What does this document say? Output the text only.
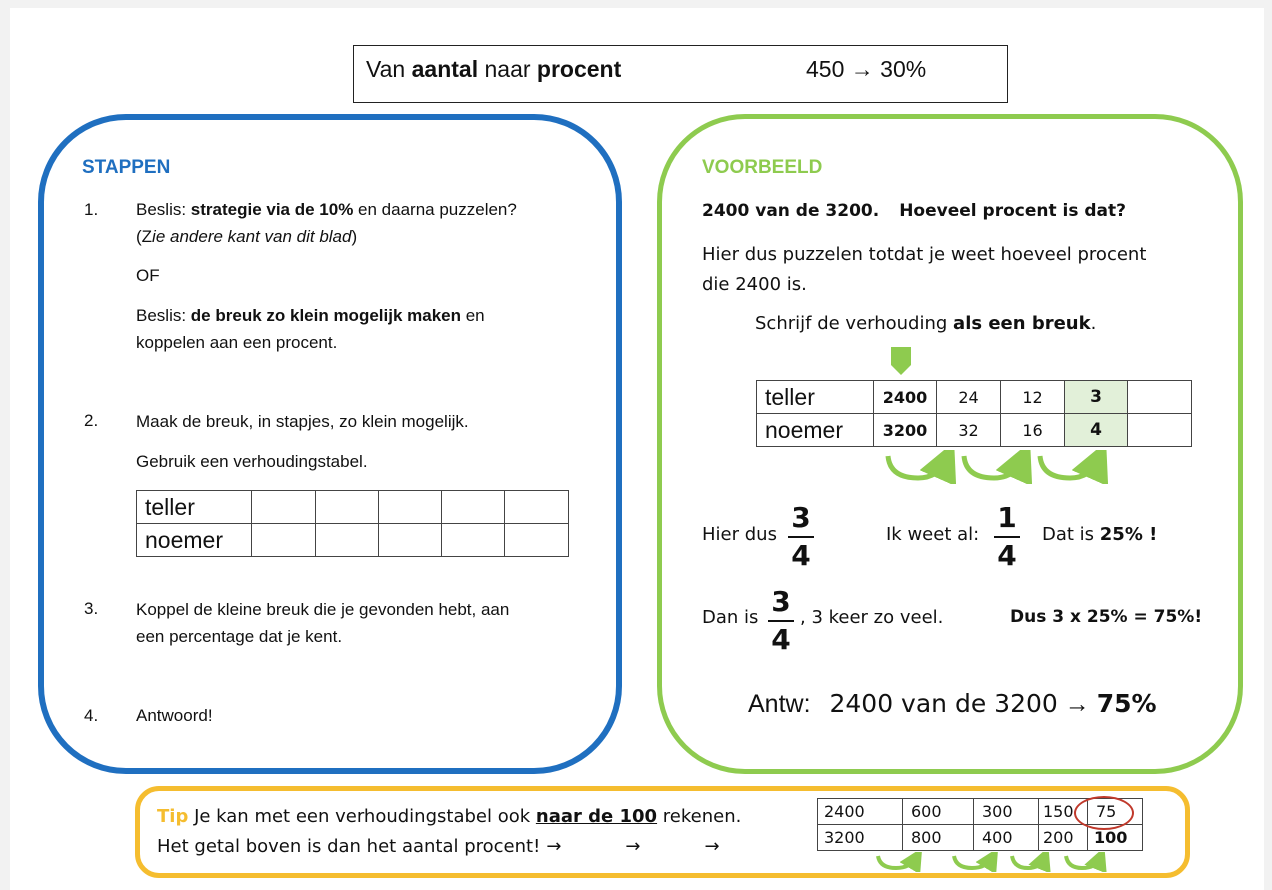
Van aantal naar procent	450 → 30%
STAPPEN
1. Beslis: strategie via de 10% en daarna puzzelen?
(Zie andere kant van dit blad)
OF
Beslis: de breuk zo klein mogelijk maken en
koppelen aan een procent.
2. Maak de breuk, in stapjes, zo klein mogelijk.
Gebruik een verhoudingstabel.
teller					
noemer					
3. Koppel de kleine breuk die je gevonden hebt, aan
een percentage dat je kent.
4. Antwoord!
VOORBEELD
2400 van de 3200. Hoeveel procent is dat?
Hier dus puzzelen totdat je weet hoeveel procent
die 2400 is.
Schrijf de verhouding als een breuk.
teller	2400	24	12	3	
noemer	3200	32	16	4	
Hier dus
3
4
Ik weet al:
1
4
Dat is 25% !
Dan is 3
4
, 3 keer zo veel.	Dus 3 x 25% = 75%!
Antw: 2400 van de 3200 → 75%
Tip Je kan met een verhoudingstabel ook naar de 100 rekenen.
Het getal boven is dan het aantal procent! →	→	→
2400	600	300	150	75
3200	800	400	200	100
